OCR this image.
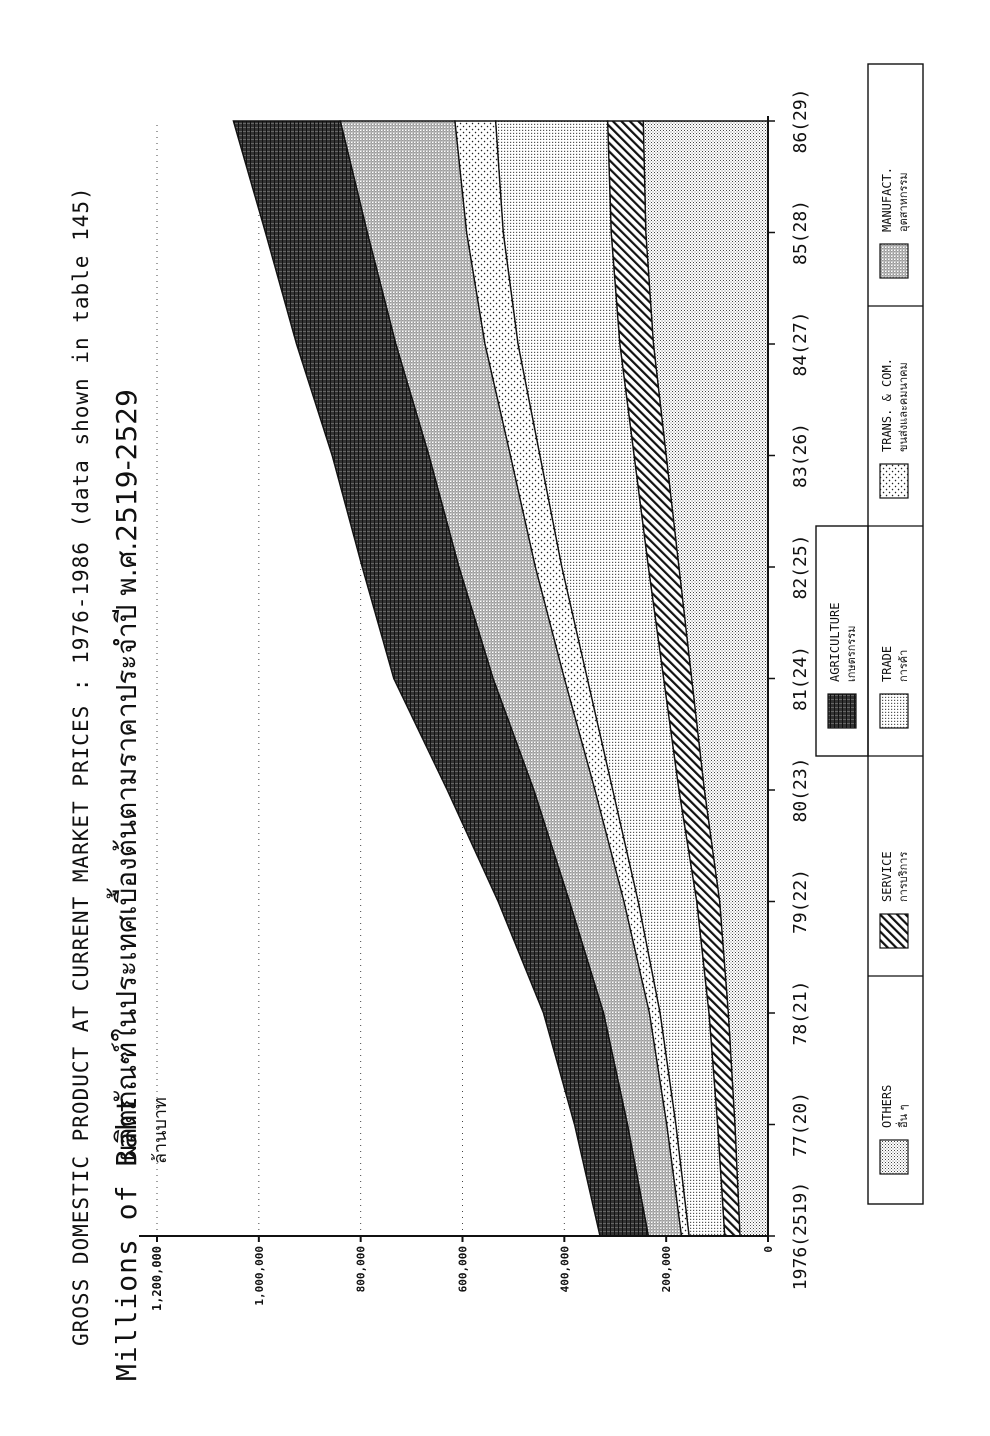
GROSS DOMESTIC PRODUCT AT CURRENT MARKET PRICES : 1976-1986 (data shown in table 145) Millions of Baht
ผลิตภัณฑ์ในประเทศเบื้องต้นตามราคาประจำปี พ.ศ.2519-2529 ล้านบาท
0
200,000
400,000
600,000
800,000
1,000,000
1,200,000	1976(2519)
77(20)
78(21)
79(22)
80(23)
81(24)
82(25)
83(26)
84(27)
85(28)
86(29)
OTHERS อื่น ๆ
SERVICE การบริการ
TRADE การค้า
TRANS. & COM. ขนส่งและคมนาคม
MANUFACT. อุตสาหกรรม
AGRICULTURE เกษตรกรรม
